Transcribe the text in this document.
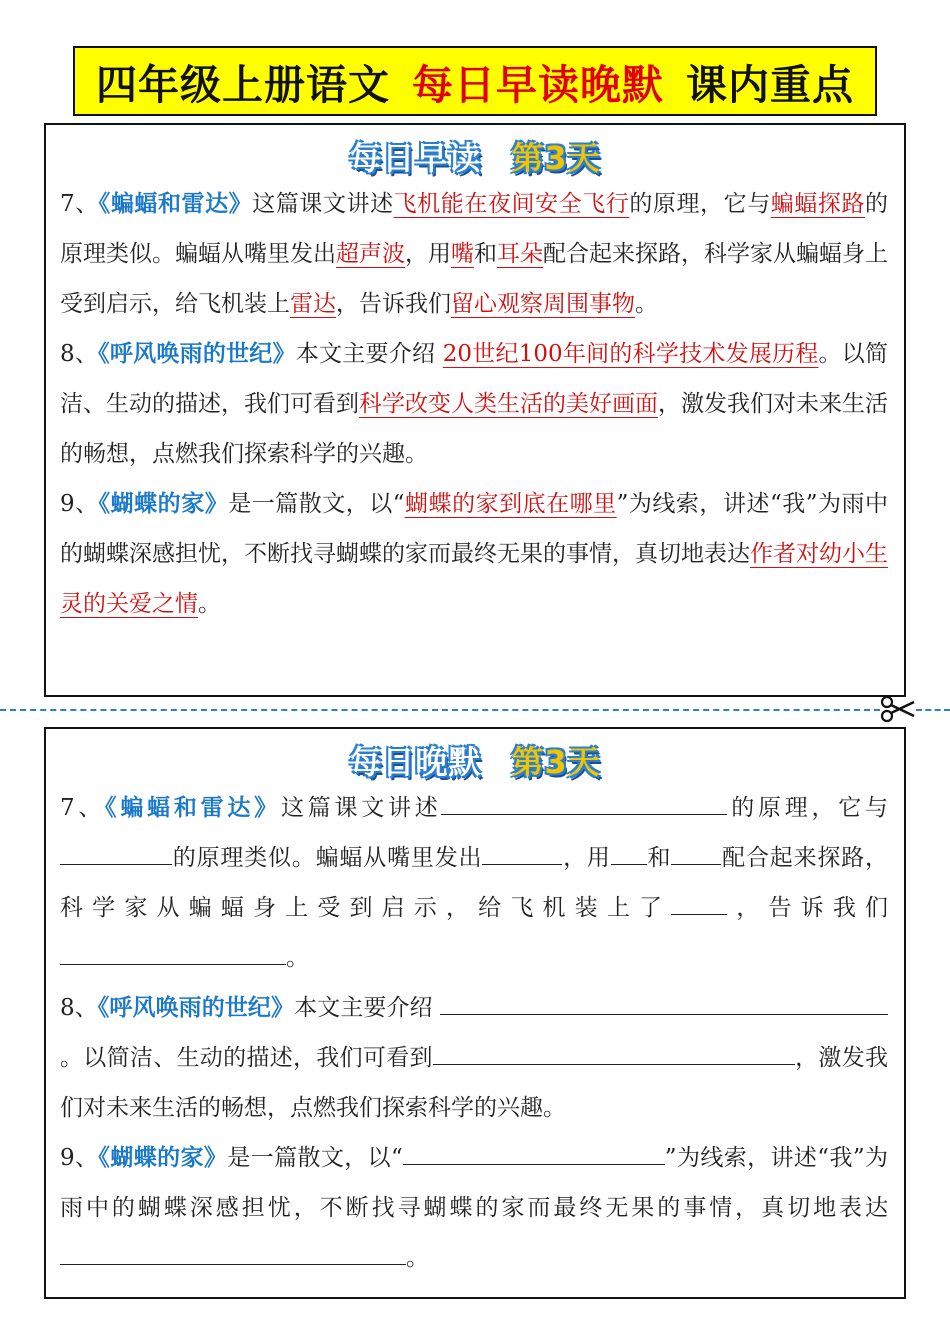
四年级上册语文 每日早读晚默 课内重点
每日早读 第3天

7、《蝙蝠和雷达》这篇课文讲述飞机能在夜间安全飞行的原理，它与蝙蝠探路的原理类似。蝙蝠从嘴里发出超声波，用嘴和耳朵配合起来探路，科学家从蝙蝠身上受到启示，给飞机装上雷达，告诉我们留心观察周围事物。

8、《呼风唤雨的世纪》本文主要介绍 20世纪100年间的科学技术发展历程。以简洁、生动的描述，我们可看到科学改变人类生活的美好画面，激发我们对未来生活的畅想，点燃我们探索科学的兴趣。

9、《蝴蝶的家》是一篇散文，以“蝴蝶的家到底在哪里”为线索，讲述“我”为雨中的蝴蝶深感担忧，不断找寻蝴蝶的家而最终无果的事情，真切地表达作者对幼小生灵的关爱之情。

每日晚默 第3天

7、《蝙蝠和雷达》这篇课文讲述	的原理，它与的原理类似。蝙蝠从嘴里发出	，用 和 配合起来探路，科学家从蝙蝠身上受到启示，给飞机装上了 ，告诉我们。

8、《呼风唤雨的世纪》本文主要介绍 。以简洁、生动的描述，我们可看到	，激发我们对未来生活的畅想，点燃我们探索科学的兴趣。

9、《蝴蝶的家》是一篇散文，以“	”为线索，讲述“我”为雨中的蝴蝶深感担忧，不断找寻蝴蝶的家而最终无果的事情，真切地表达。
